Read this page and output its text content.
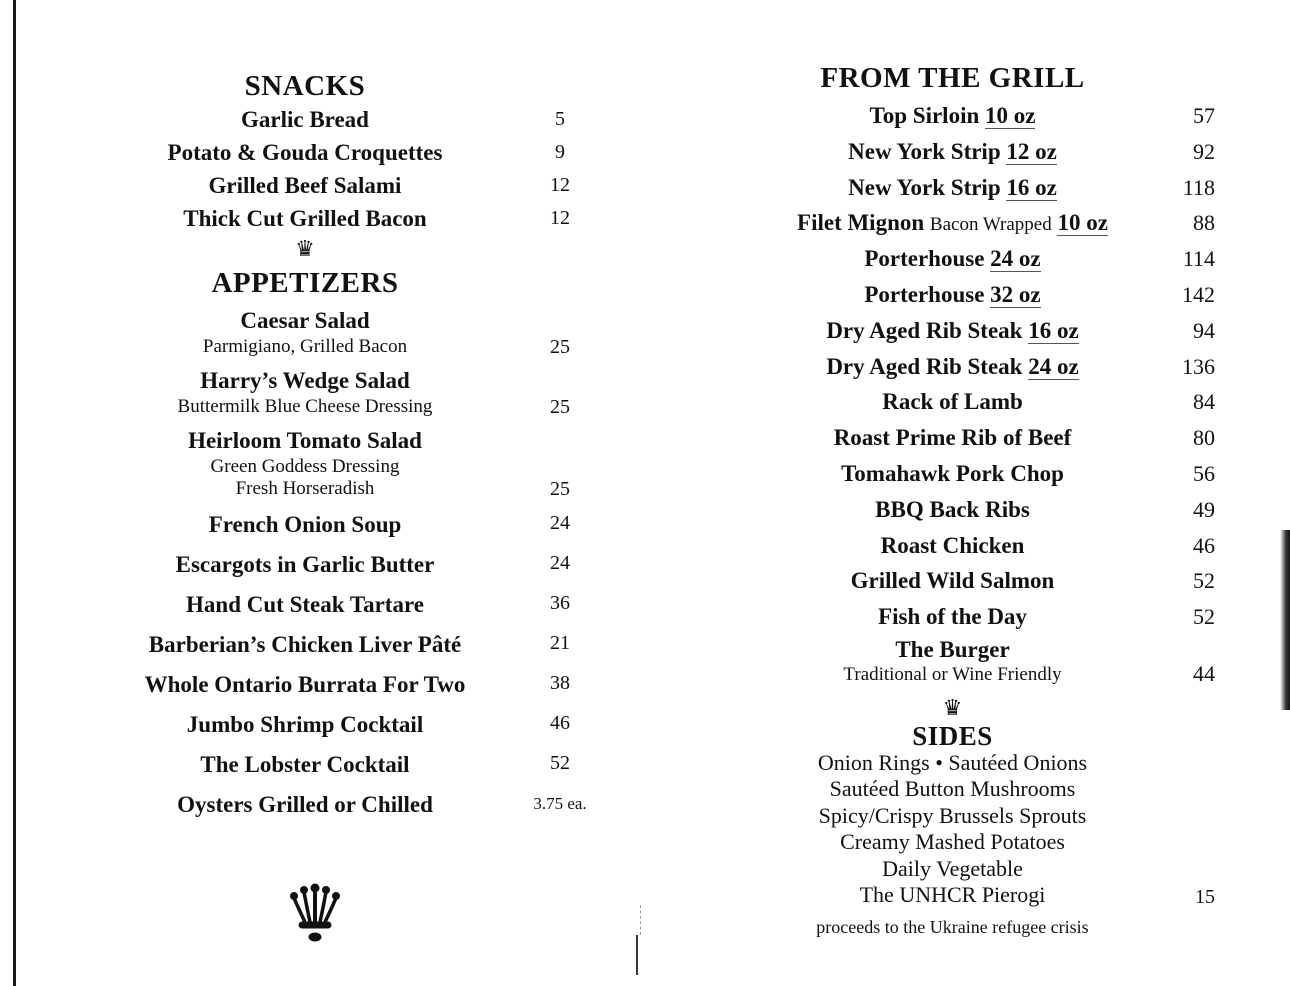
SNACKS
Garlic Bread	5
Potato & Gouda Croquettes	9
Grilled Beef Salami	12
Thick Cut Grilled Bacon	12
♛
APPETIZERS
Caesar Salad
Parmigiano, Grilled Bacon	25
Harry’s Wedge Salad
Buttermilk Blue Cheese Dressing	25
Heirloom Tomato Salad
Green Goddess Dressing
Fresh Horseradish	25
French Onion Soup	24
Escargots in Garlic Butter	24
Hand Cut Steak Tartare	36
Barberian’s Chicken Liver Pâté	21
Whole Ontario Burrata For Two	38
Jumbo Shrimp Cocktail	46
The Lobster Cocktail	52
Oysters Grilled or Chilled	3.75 ea.
FROM THE GRILL
Top Sirloin 10 oz	57
New York Strip 12 oz	92
New York Strip 16 oz	118
Filet Mignon Bacon Wrapped 10 oz	88
Porterhouse 24 oz	114
Porterhouse 32 oz	142
Dry Aged Rib Steak 16 oz	94
Dry Aged Rib Steak 24 oz	136
Rack of Lamb	84
Roast Prime Rib of Beef	80
Tomahawk Pork Chop	56
BBQ Back Ribs	49
Roast Chicken	46
Grilled Wild Salmon	52
Fish of the Day	52
The Burger
Traditional or Wine Friendly	44
♛
SIDES
Onion Rings • Sautéed Onions
Sautéed Button Mushrooms
Spicy/Crispy Brussels Sprouts
Creamy Mashed Potatoes
Daily Vegetable
The UNHCR Pierogi	15
proceeds to the Ukraine refugee crisis
